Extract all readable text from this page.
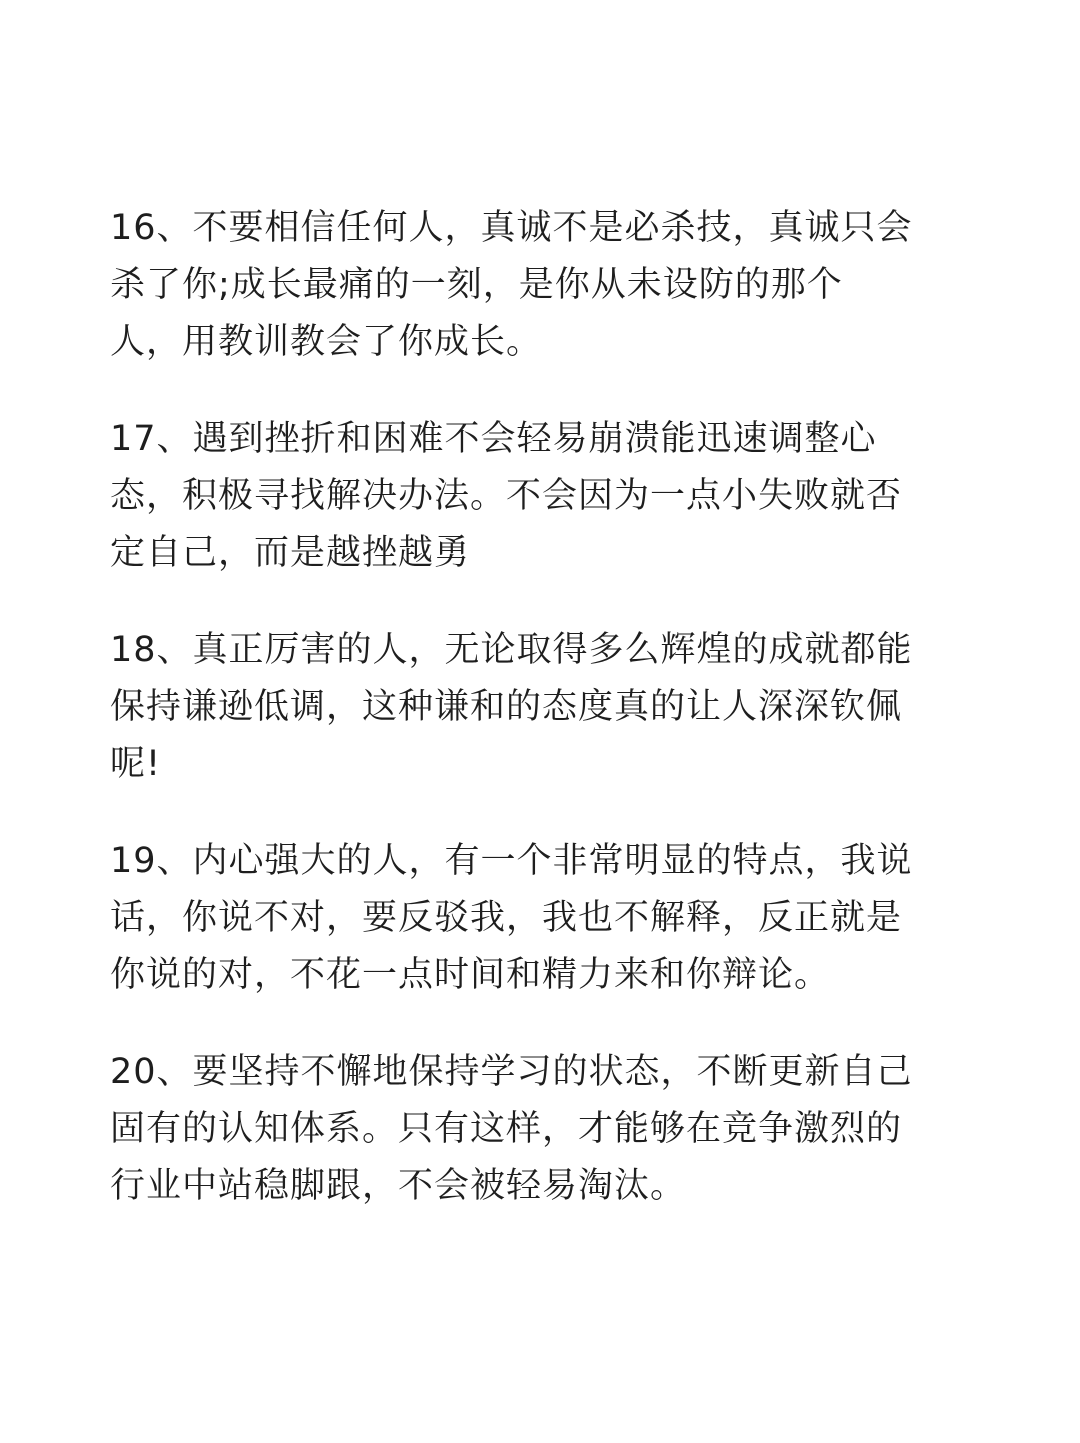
16、不要相信任何人，真诚不是必杀技，真诚只会
杀了你;成长最痛的一刻，是你从未设防的那个
人，用教训教会了你成长。

17、遇到挫折和困难不会轻易崩溃能迅速调整心
态，积极寻找解决办法。不会因为一点小失败就否
定自己，而是越挫越勇

18、真正厉害的人，无论取得多么辉煌的成就都能
保持谦逊低调，这种谦和的态度真的让人深深钦佩
呢!

19、内心强大的人，有一个非常明显的特点，我说
话，你说不对，要反驳我，我也不解释，反正就是
你说的对，不花一点时间和精力来和你辩论。

20、要坚持不懈地保持学习的状态，不断更新自己
固有的认知体系。只有这样，才能够在竞争激烈的
行业中站稳脚跟，不会被轻易淘汰。
